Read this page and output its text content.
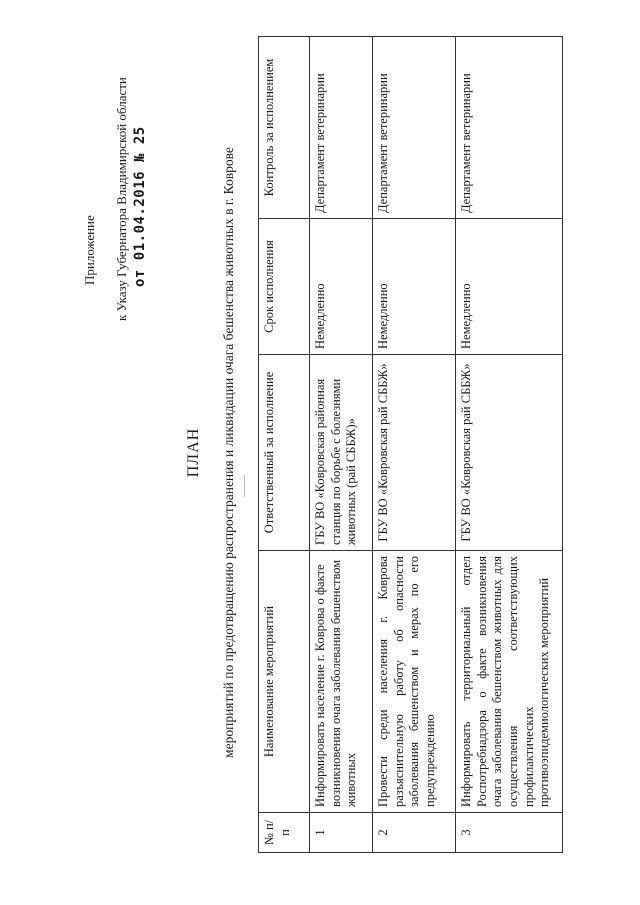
Приложение к Указу Губернатора Владимирской области от 01.04.2016 № 25
ПЛАН мероприятий по предотвращению распространения и ликвидации очага бешенства животных в г. Коврове
№ п/п	Наименование мероприятий	Ответственный за исполнение	Срок исполнения	Контроль за исполнением
1	Информировать население г. Коврова о факте возникновения очага заболевания бешенством животных	ГБУ ВО «Ковровская районная станция по борьбе с болезнями животных (рай СББЖ)»	Немедленно	Департамент ветеринарии
2	Провести среди населения г. Коврова разъяснительную работу об опасности заболевания бешенством и мерах по его предупреждению	ГБУ ВО «Ковровская рай СББЖ»	Немедленно	Департамент ветеринарии
3	Информировать территориальный отдел Роспотребнадзора о факте возникновения очага заболевания бешенством животных для осуществления соответствующих профилактических противоэпидемиологических мероприятий	ГБУ ВО «Ковровская рай СББЖ»	Немедленно	Департамент ветеринарии
